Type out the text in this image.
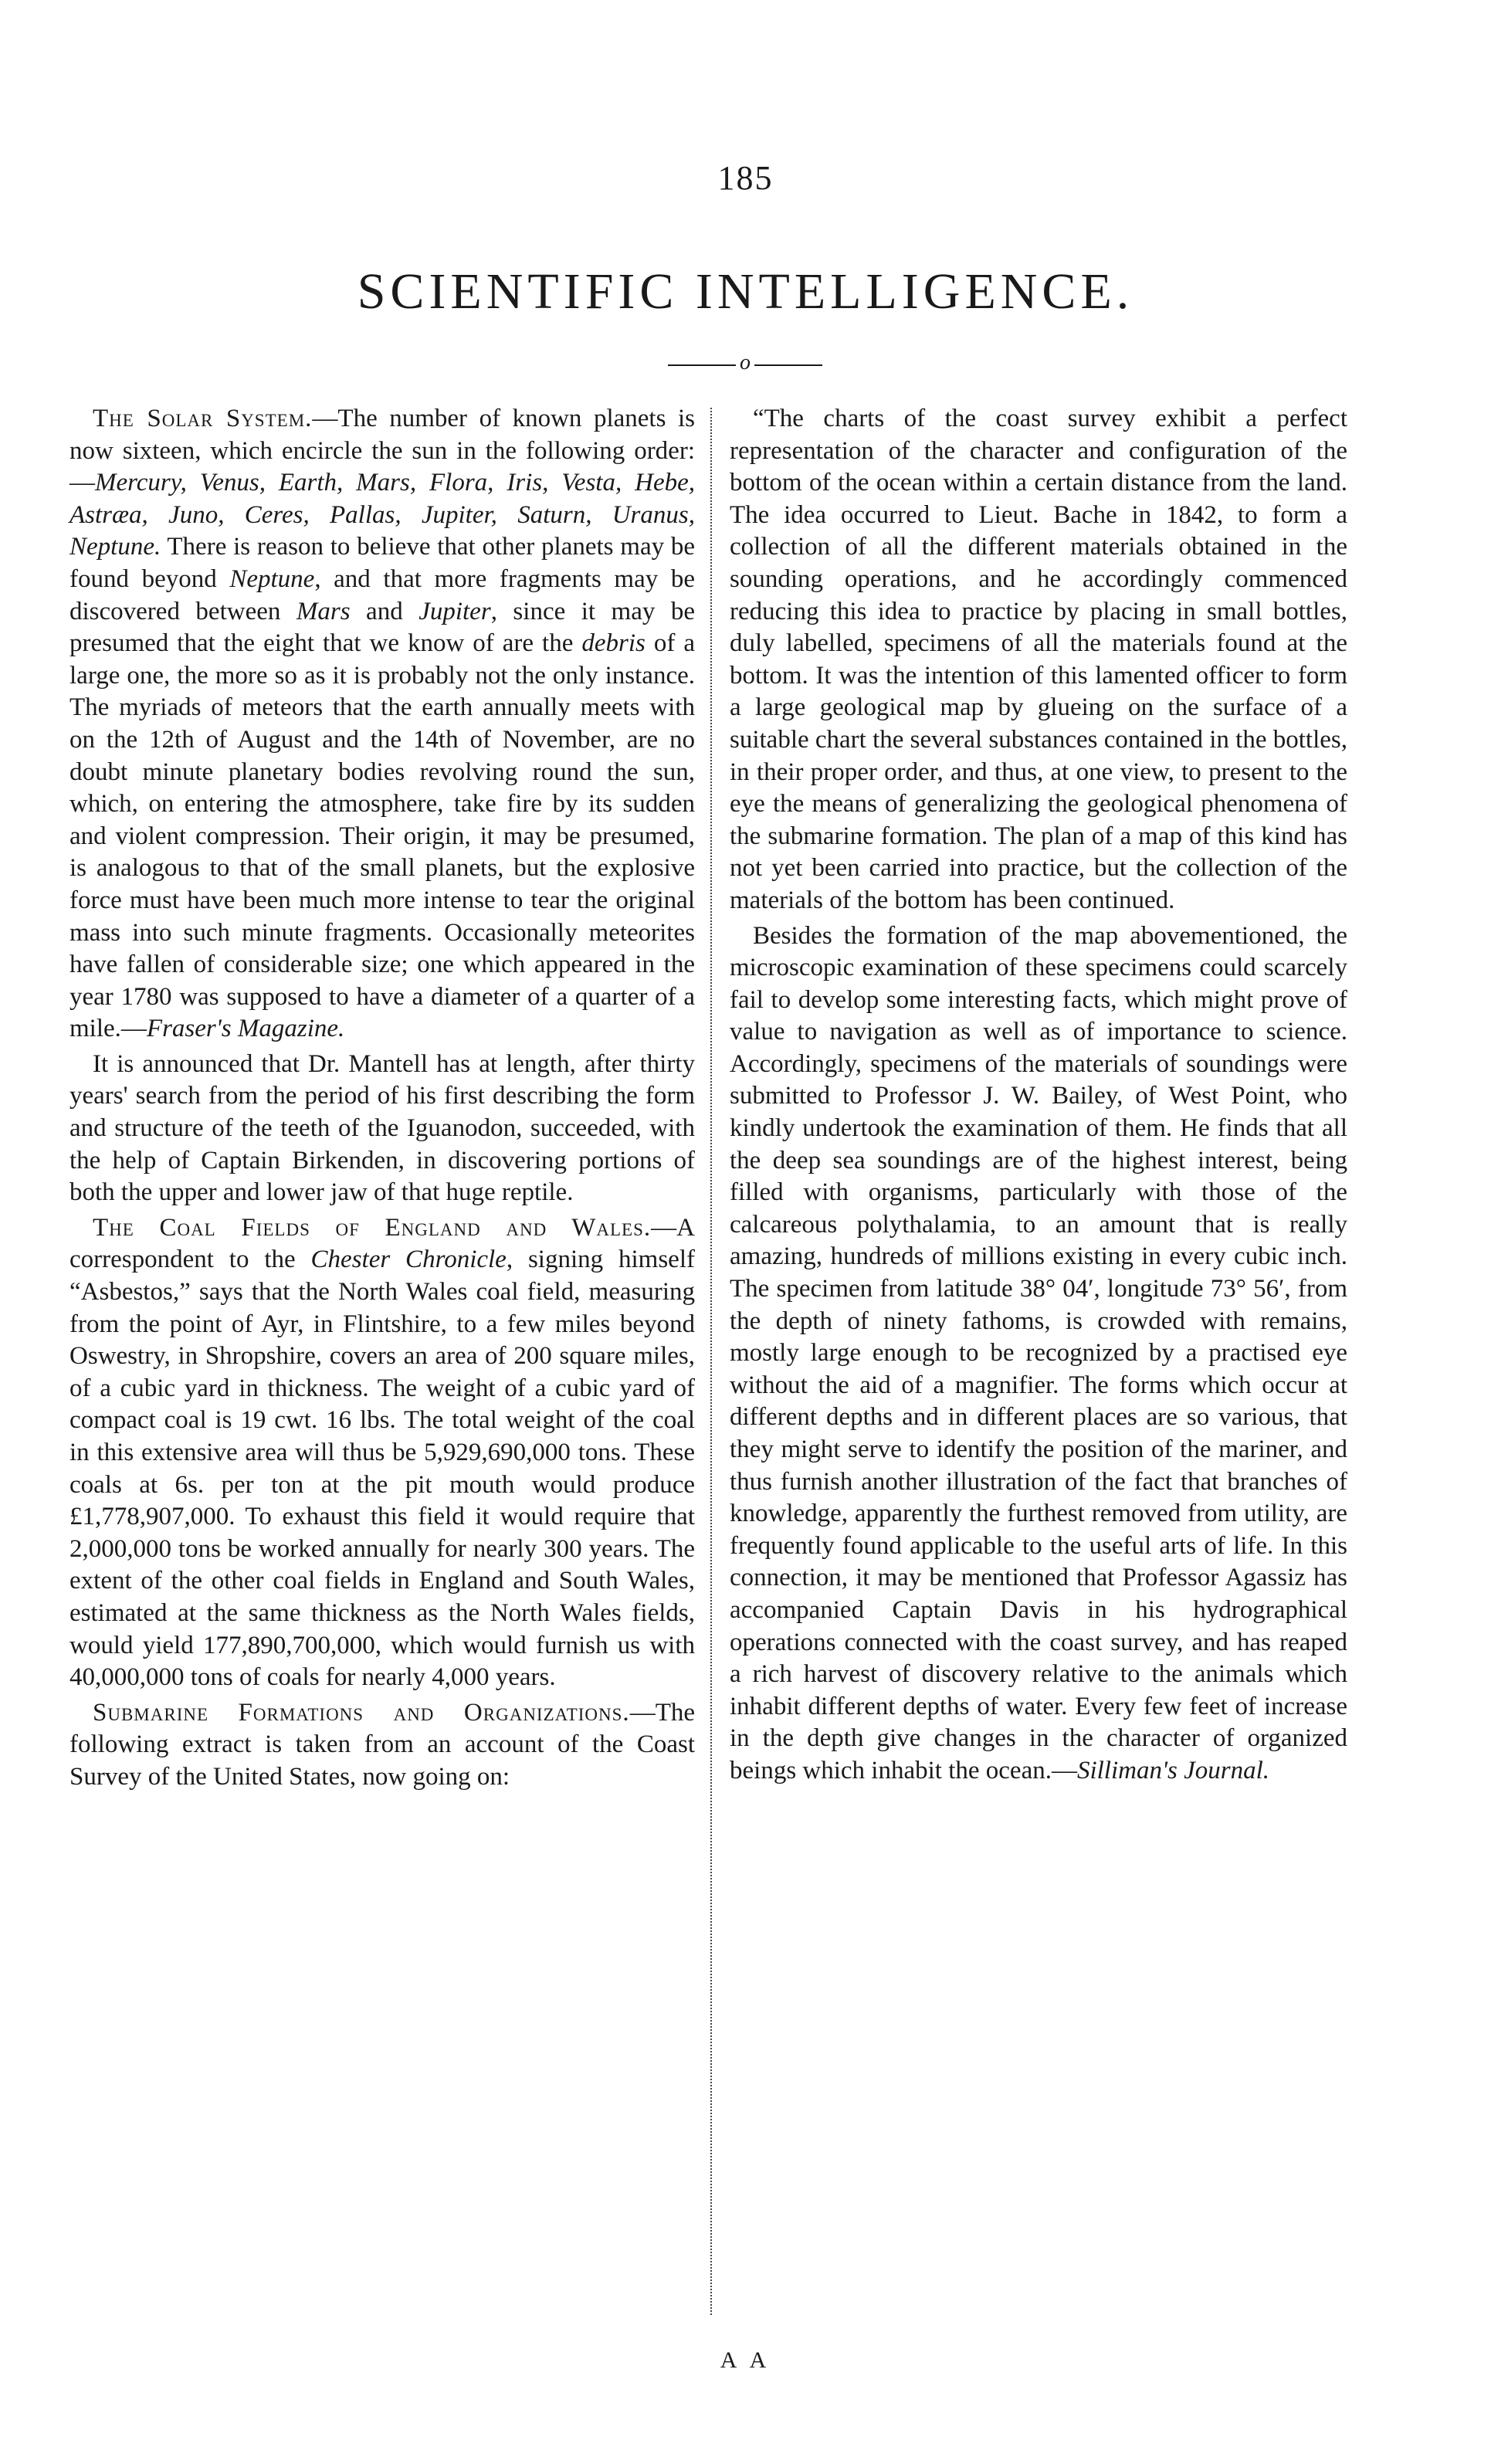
185
SCIENTIFIC INTELLIGENCE.
o

The Solar System.—The number of known planets is now sixteen, which encircle the sun in the following order:—Mercury, Venus, Earth, Mars, Flora, Iris, Vesta, Hebe, Astræa, Juno, Ceres, Pallas, Jupiter, Saturn, Uranus, Neptune. There is reason to believe that other planets may be found beyond Neptune, and that more fragments may be discovered between Mars and Jupiter, since it may be presumed that the eight that we know of are the debris of a large one, the more so as it is probably not the only instance. The myriads of meteors that the earth annually meets with on the 12th of August and the 14th of November, are no doubt minute planetary bodies revolving round the sun, which, on entering the atmosphere, take fire by its sudden and violent compression. Their origin, it may be presumed, is analogous to that of the small planets, but the explosive force must have been much more intense to tear the original mass into such minute fragments. Occasionally meteorites have fallen of considerable size; one which appeared in the year 1780 was supposed to have a diameter of a quarter of a mile.—Fraser's Magazine.

It is announced that Dr. Mantell has at length, after thirty years' search from the period of his first describing the form and structure of the teeth of the Iguanodon, succeeded, with the help of Captain Birkenden, in discovering portions of both the upper and lower jaw of that huge reptile.

The Coal Fields of England and Wales.—A correspondent to the Chester Chronicle, signing himself “Asbestos,” says that the North Wales coal field, measuring from the point of Ayr, in Flintshire, to a few miles beyond Oswestry, in Shropshire, covers an area of 200 square miles, of a cubic yard in thickness. The weight of a cubic yard of compact coal is 19 cwt. 16 lbs. The total weight of the coal in this extensive area will thus be 5,929,690,000 tons. These coals at 6s. per ton at the pit mouth would produce £1,778,907,000. To exhaust this field it would require that 2,000,000 tons be worked annually for nearly 300 years. The extent of the other coal fields in England and South Wales, estimated at the same thickness as the North Wales fields, would yield 177,890,700,000, which would furnish us with 40,000,000 tons of coals for nearly 4,000 years.

Submarine Formations and Organizations.—The following extract is taken from an account of the Coast Survey of the United States, now going on:

“The charts of the coast survey exhibit a perfect representation of the character and configuration of the bottom of the ocean within a certain distance from the land. The idea occurred to Lieut. Bache in 1842, to form a collection of all the different materials obtained in the sounding operations, and he accordingly commenced reducing this idea to practice by placing in small bottles, duly labelled, specimens of all the materials found at the bottom. It was the intention of this lamented officer to form a large geological map by glueing on the surface of a suitable chart the several substances contained in the bottles, in their proper order, and thus, at one view, to present to the eye the means of generalizing the geological phenomena of the submarine formation. The plan of a map of this kind has not yet been carried into practice, but the collection of the materials of the bottom has been continued.

Besides the formation of the map abovementioned, the microscopic examination of these specimens could scarcely fail to develop some interesting facts, which might prove of value to navigation as well as of importance to science. Accordingly, specimens of the materials of soundings were submitted to Professor J. W. Bailey, of West Point, who kindly undertook the examination of them. He finds that all the deep sea soundings are of the highest interest, being filled with organisms, particularly with those of the calcareous polythalamia, to an amount that is really amazing, hundreds of millions existing in every cubic inch. The specimen from latitude 38° 04′, longitude 73° 56′, from the depth of ninety fathoms, is crowded with remains, mostly large enough to be recognized by a practised eye without the aid of a magnifier. The forms which occur at different depths and in different places are so various, that they might serve to identify the position of the mariner, and thus furnish another illustration of the fact that branches of knowledge, apparently the furthest removed from utility, are frequently found applicable to the useful arts of life. In this connection, it may be mentioned that Professor Agassiz has accompanied Captain Davis in his hydrographical operations connected with the coast survey, and has reaped a rich harvest of discovery relative to the animals which inhabit different depths of water. Every few feet of increase in the depth give changes in the character of organized beings which inhabit the ocean.—Silliman's Journal.

A A
